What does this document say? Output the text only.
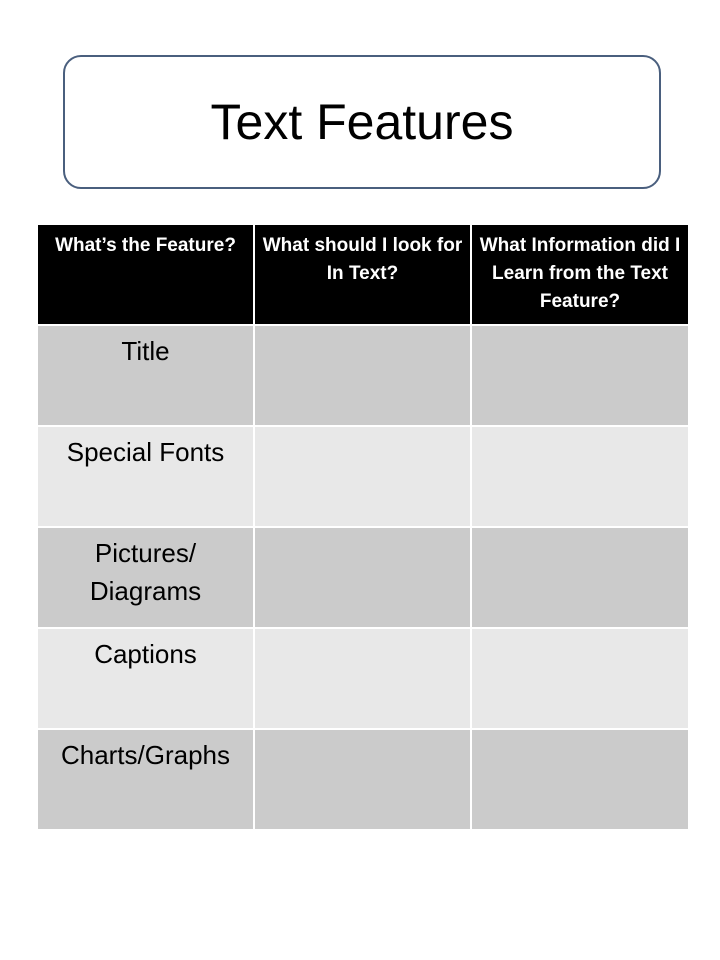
Text Features
What’s the Feature?	What should I look for In Text?	What Information did I Learn from the Text Feature?
Title		
Special Fonts		
Pictures/ Diagrams		
Captions		
Charts/Graphs		
